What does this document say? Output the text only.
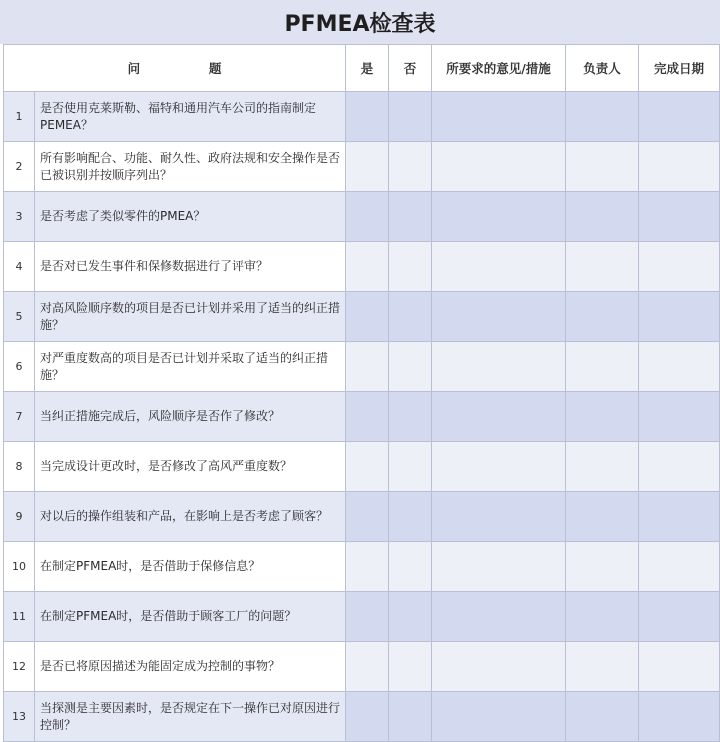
PFMEA检查表
问 题		是	否	所要求的意见/措施	负责人	完成日期
1	是否使用克莱斯勒、福特和通用汽车公司的指南制定PEMEA？					
2	所有影响配合、功能、耐久性、政府法规和安全操作是否已被识别并按顺序列出？					
3	是否考虑了类似零件的PMEA？					
4	是否对已发生事件和保修数据进行了评审？					
5	对高风险顺序数的项目是否已计划并采用了适当的纠正措施？					
6	对严重度数高的项目是否已计划并采取了适当的纠正措施？					
7	当纠正措施完成后，风险顺序是否作了修改？					
8	当完成设计更改时，是否修改了高风严重度数？					
9	对以后的操作组装和产品，在影响上是否考虑了顾客？					
10	在制定PFMEA时，是否借助于保修信息？					
11	在制定PFMEA时，是否借助于顾客工厂的问题？					
12	是否已将原因描述为能固定成为控制的事物？					
13	当探测是主要因素时，是否规定在下一操作已对原因进行控制？					
